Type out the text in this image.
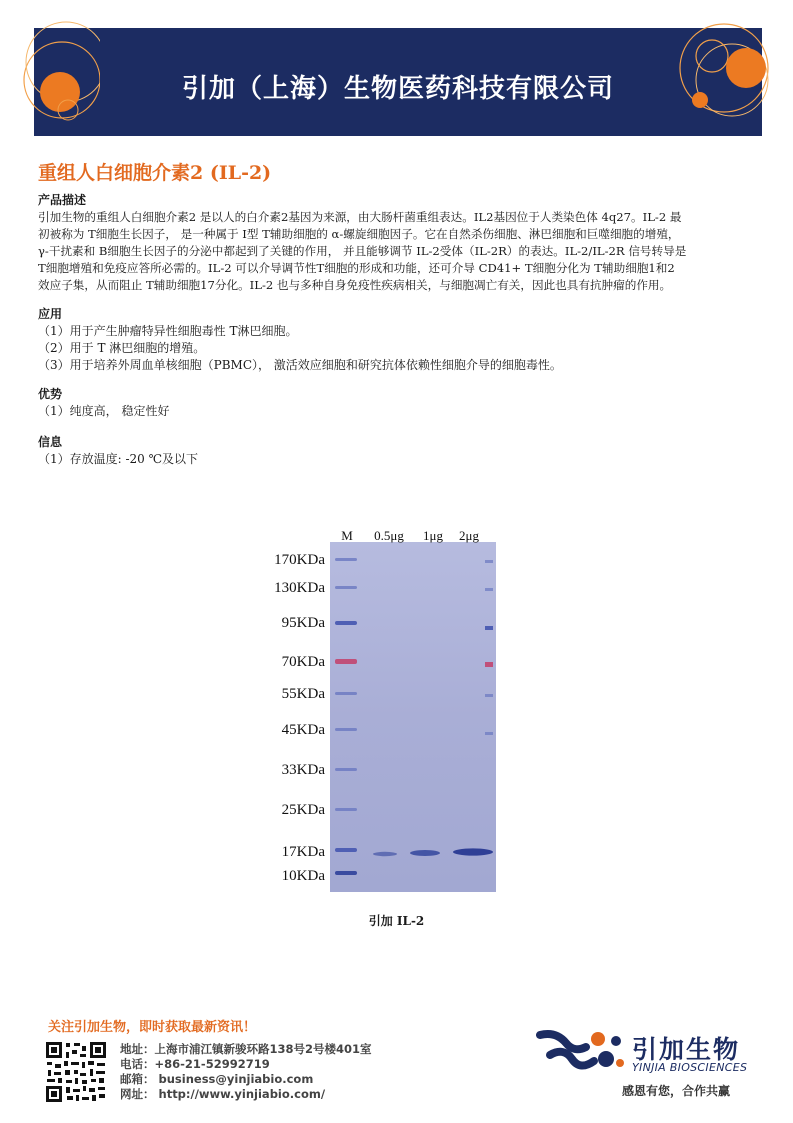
引加（上海）生物医药科技有限公司
重组人白细胞介素2 (IL-2)
产品描述
引加生物的重组人白细胞介素2 是以人的白介素2基因为来源，由大肠杆菌重组表达。IL2基因位于人类染色体 4q27。IL-2 最
初被称为 T细胞生长因子， 是一种属于 I型 T辅助细胞的 α-螺旋细胞因子。它在自然杀伤细胞、淋巴细胞和巨噬细胞的增殖，
γ-干扰素和 B细胞生长因子的分泌中都起到了关键的作用， 并且能够调节 IL-2受体（IL-2R）的表达。IL-2/IL-2R 信号转导是
T细胞增殖和免疫应答所必需的。IL-2 可以介导调节性T细胞的形成和功能，还可介导 CD41+ T细胞分化为 T辅助细胞1和2
效应子集，从而阻止 T辅助细胞17分化。IL-2 也与多种自身免疫性疾病相关，与细胞凋亡有关，因此也具有抗肿瘤的作用。
应用
（1）用于产生肿瘤特异性细胞毒性 T淋巴细胞。
（2）用于 T 淋巴细胞的增殖。
（3）用于培养外周血单核细胞（PBMC）， 激活效应细胞和研究抗体依赖性细胞介导的细胞毒性。
优势
（1）纯度高， 稳定性好
信息
（1）存放温度: -20 ℃及以下
M 0.5μg 1μg 2μg
170KDa
130KDa
95KDa
70KDa
55KDa
45KDa
33KDa
25KDa
17KDa
10KDa
引加 IL-2
关注引加生物，即时获取最新资讯！
地址：上海市浦江镇新骏环路138号2号楼401室
电话：+86-21-52992719
邮箱： business@yinjiabio.com
网址： http://www.yinjiabio.com/
引加生物
YINJIA BIOSCIENCES
感恩有您，合作共赢
